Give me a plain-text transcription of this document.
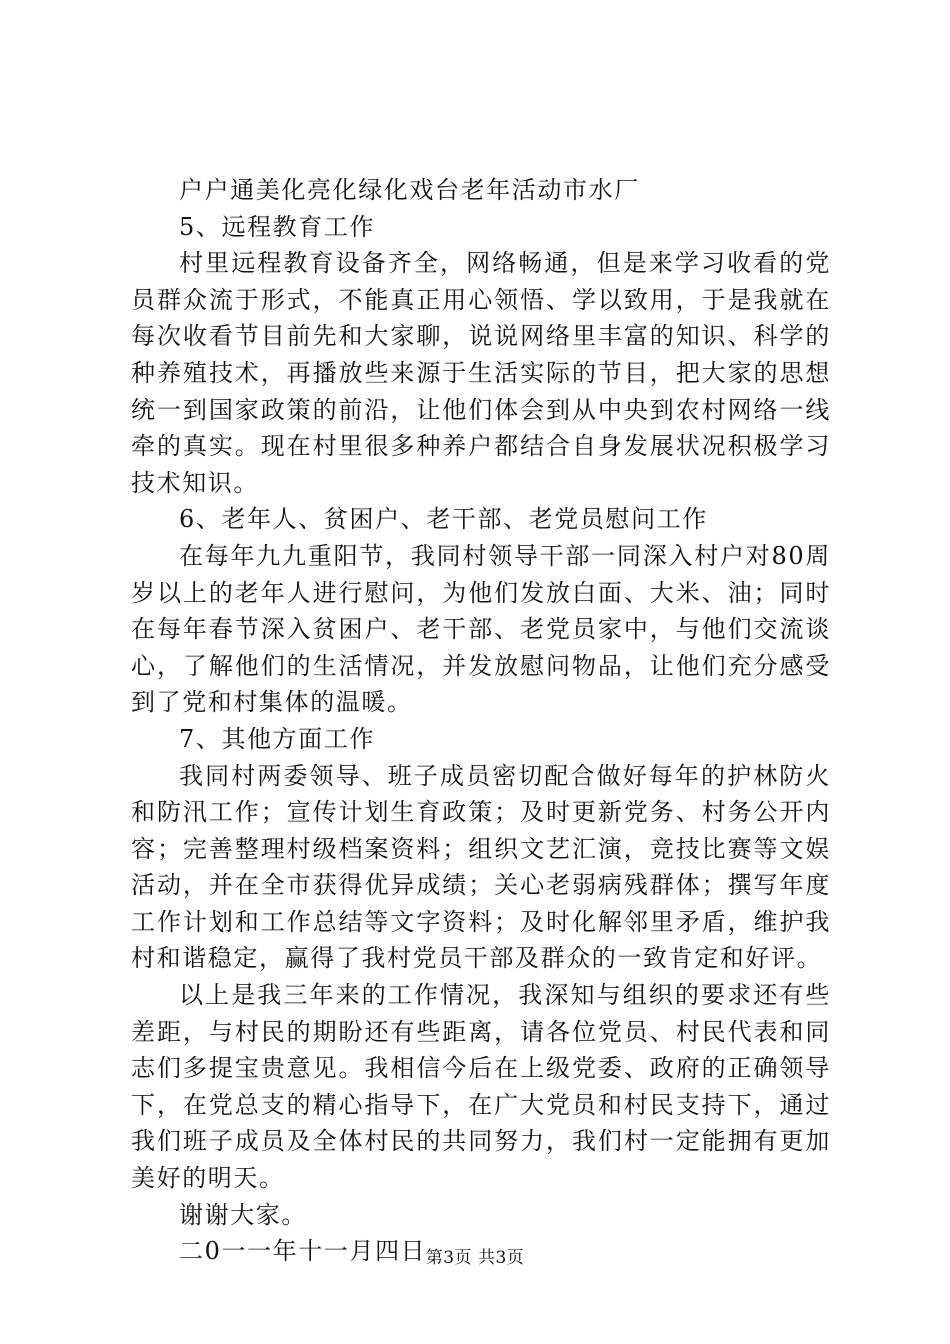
户户通美化亮化绿化戏台老年活动市水厂

5、远程教育工作

村里远程教育设备齐全，网络畅通，但是来学习收看的党员群众流于形式，不能真正用心领悟、学以致用，于是我就在每次收看节目前先和大家聊，说说网络里丰富的知识、科学的种养殖技术，再播放些来源于生活实际的节目，把大家的思想统一到国家政策的前沿，让他们体会到从中央到农村网络一线牵的真实。现在村里很多种养户都结合自身发展状况积极学习技术知识。

6、老年人、贫困户、老干部、老党员慰问工作

在每年九九重阳节，我同村领导干部一同深入村户对80周岁以上的老年人进行慰问，为他们发放白面、大米、油；同时在每年春节深入贫困户、老干部、老党员家中，与他们交流谈心，了解他们的生活情况，并发放慰问物品，让他们充分感受到了党和村集体的温暖。

7、其他方面工作

我同村两委领导、班子成员密切配合做好每年的护林防火和防汛工作；宣传计划生育政策；及时更新党务、村务公开内容；完善整理村级档案资料；组织文艺汇演，竞技比赛等文娱活动，并在全市获得优异成绩；关心老弱病残群体；撰写年度工作计划和工作总结等文字资料；及时化解邻里矛盾，维护我村和谐稳定，赢得了我村党员干部及群众的一致肯定和好评。

以上是我三年来的工作情况，我深知与组织的要求还有些差距，与村民的期盼还有些距离，请各位党员、村民代表和同志们多提宝贵意见。我相信今后在上级党委、政府的正确领导下，在党总支的精心指导下，在广大党员和村民支持下，通过我们班子成员及全体村民的共同努力，我们村一定能拥有更加美好的明天。

谢谢大家。

二0一一年十一月四日 第3页 共3页
